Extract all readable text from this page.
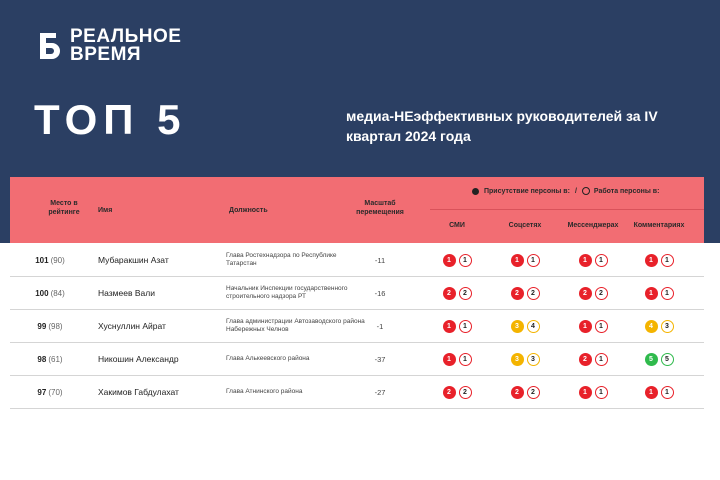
РЕАЛЬНОЕ
ВРЕМЯ
ТОП 5	медиа-НЕэффективных руководителей за IV квартал 2024 года
Место в рейтинге	Имя	Должность
Масштаб перемещения
Присутствие персоны в: / Работа персоны в:
СМИ	Соцсетях	Мессенджерах	Комментариях
101 (90)	Мубаракшин Азат	Глава Ростехнадзора по Республике Татарстан	-11	1	1	1	1	1	1	1	1
100 (84)	Назмеев Вали	Начальник Инспекции государственного строительного надзора РТ	-16	2	2	2	2	2	2	1	1
99 (98)	Хуснуллин Айрат	Глава администрации Автозаводского района Набережных Челнов	-1	1	1	3	4	1	1	4	3
98 (61)	Никошин Александр	Глава Алькеевского района	-37	1	1	3	3	2	1	5	5
97 (70)	Хакимов Габдулахат	Глава Атнинского района	-27	2	2	2	2	1	1	1	1
